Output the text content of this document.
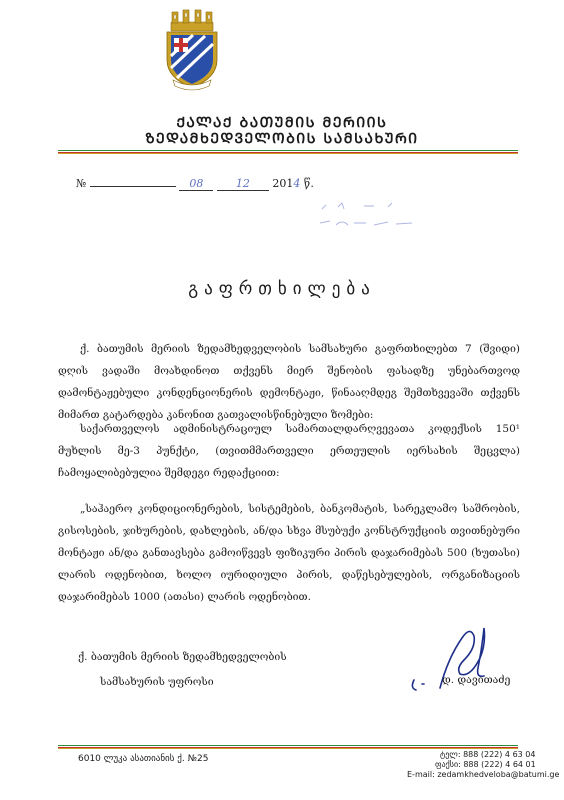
ᲥᲐᲚᲐᲥ ᲑᲐᲗᲣᲛᲘᲡ ᲛᲔᲠᲘᲘᲡ
ᲖᲔᲓᲐᲛᲮᲔᲓᲕᲔᲚᲝᲑᲘᲡ ᲡᲐᲛᲡᲐᲮᲣᲠᲘ
№	08	12 2014 წ.
გაფრთხილება
ქ. ბათუმის მერიის ზედამხედველობის სამსახური გაფრთხილებთ 7 (შვიდი) დღის ვადაში მოახდინოთ თქვენს მიერ შენობის ფასადზე უნებართვოდ დამონტაჟებული კონდენციონერის დემონტაჟი, წინააღმდეგ შემთხვევაში თქვენს მიმართ გატარდება კანონით გათვალისწინებული ზომები:
საქართველოს ადმინისტრაციულ სამართალდარღვევათა კოდექსის 150¹ მუხლის მე-3 პუნქტი, (თვითმმართველი ერთეულის იერსახის შეცვლა) ჩამოყალიბებულია შემდეგი რედაქციით:
„საჰაერო კონდიციონერების, სისტემების, ბანკომატის, სარეკლამო საშრობის, გისოსების, ჯიხურების, დახლების, ან/და სხვა მსუბუქი კონსტრუქციის თვითნებური მონტაჟი ან/და განთავსება გამოიწვევს ფიზიკური პირის დაჯარიმებას 500 (ხუთასი) ლარის ოდენობით, ხოლო იურიდიული პირის, დაწესებულების, ორგანიზაციის დაჯარიმებას 1000 (ათასი) ლარის ოდენობით.
ქ. ბათუმის მერიის ზედამხედველობის
სამსახურის უფროსი	დ. დავითაძე
6010 ლუკა ასათიანის ქ. №25	ტელ: 888 (222) 4 63 04
ფაქსი: 888 (222) 4 64 01
E-mail: zedamkhedveloba@batumi.ge
